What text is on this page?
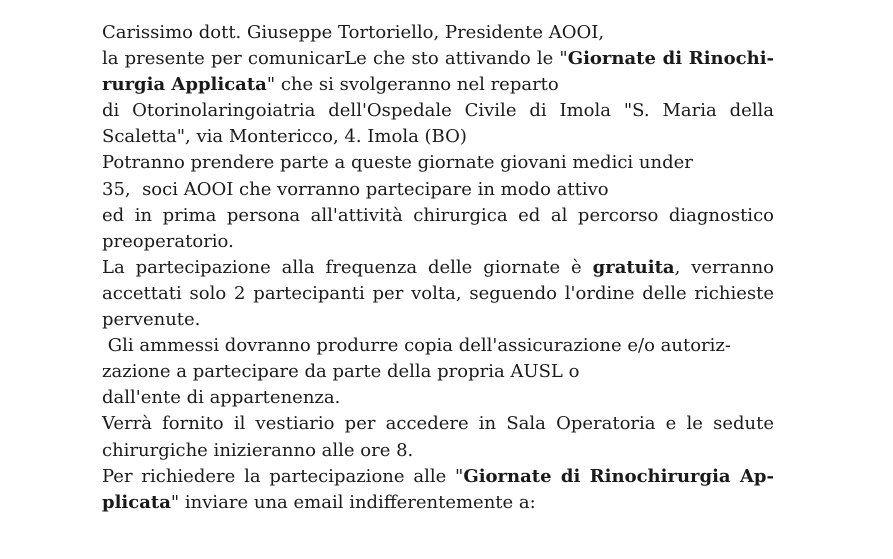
Carissimo dott. Giuseppe Tortoriello, Presidente AOOI,
la presente per comunicarLe che sto attivando le "Giornate di Rinochi-
rurgia Applicata" che si svolgeranno nel reparto
di Otorinolaringoiatria dell'Ospedale Civile di Imola "S. Maria della
Scaletta", via Montericco, 4. Imola (BO)
Potranno prendere parte a queste giornate giovani medici under
35,  soci AOOI che vorranno partecipare in modo attivo
ed in prima persona all'attività chirurgica ed al percorso diagnostico
preoperatorio.
La partecipazione alla frequenza delle giornate è gratuita, verranno
accettati solo 2 partecipanti per volta, seguendo l'ordine delle richieste
pervenute.
Gli ammessi dovranno produrre copia dell'assicurazione e/o autoriz-
zazione a partecipare da parte della propria AUSL o
dall'ente di appartenenza.
Verrà fornito il vestiario per accedere in Sala Operatoria e le sedute
chirurgiche inizieranno alle ore 8.
Per richiedere la partecipazione alle "Giornate di Rinochirurgia Ap-
plicata" inviare una email indifferentemente a:
